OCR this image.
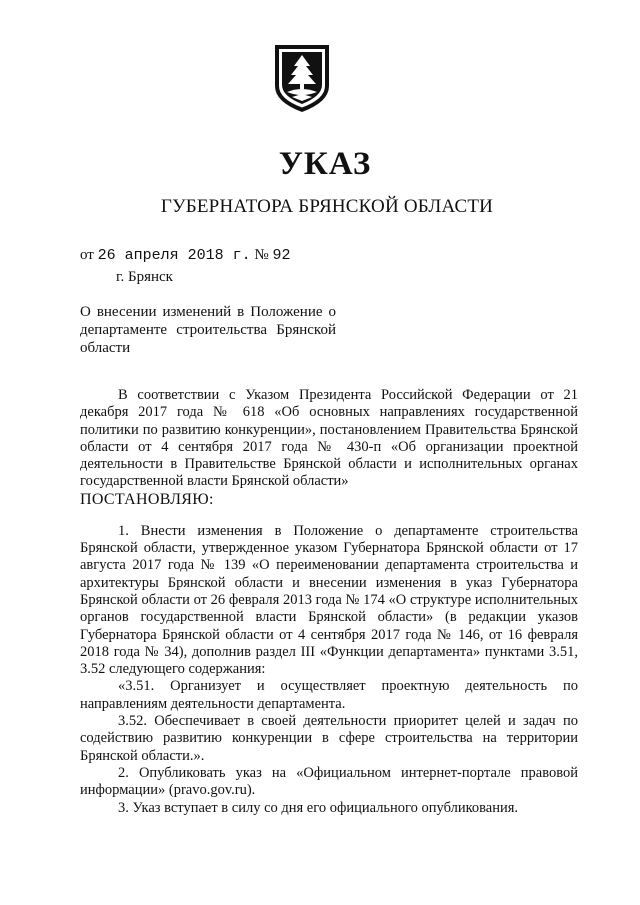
УКАЗ
ГУБЕРНАТОРА БРЯНСКОЙ ОБЛАСТИ
от 26 апреля 2018 г. № 92
г. Брянск
О внесении изменений в Положение о департаменте строительства Брянской области

В соответствии с Указом Президента Российской Федерации от 21 декабря 2017 года № 618 «Об основных направлениях государственной политики по развитию конкуренции», постановлением Правительства Брянской области от 4 сентября 2017 года № 430-п «Об организации проектной деятельности в Правительстве Брянской области и исполнительных органах государственной власти Брянской области»

ПОСТАНОВЛЯЮ:

1. Внести изменения в Положение о департаменте строительства Брянской области, утвержденное указом Губернатора Брянской области от 17 августа 2017 года № 139 «О переименовании департамента строительства и архитектуры Брянской области и внесении изменения в указ Губернатора Брянской области от 26 февраля 2013 года № 174 «О структуре исполнительных органов государственной власти Брянской области» (в редакции указов Губернатора Брянской области от 4 сентября 2017 года № 146, от 16 февраля 2018 года № 34), дополнив раздел III «Функции департамента» пунктами 3.51, 3.52 следующего содержания:

«3.51. Организует и осуществляет проектную деятельность по направлениям деятельности департамента.

3.52. Обеспечивает в своей деятельности приоритет целей и задач по содействию развитию конкуренции в сфере строительства на территории Брянской области.».

2. Опубликовать указ на «Официальном интернет-портале правовой информации» (pravo.gov.ru).

3. Указ вступает в силу со дня его официального опубликования.
